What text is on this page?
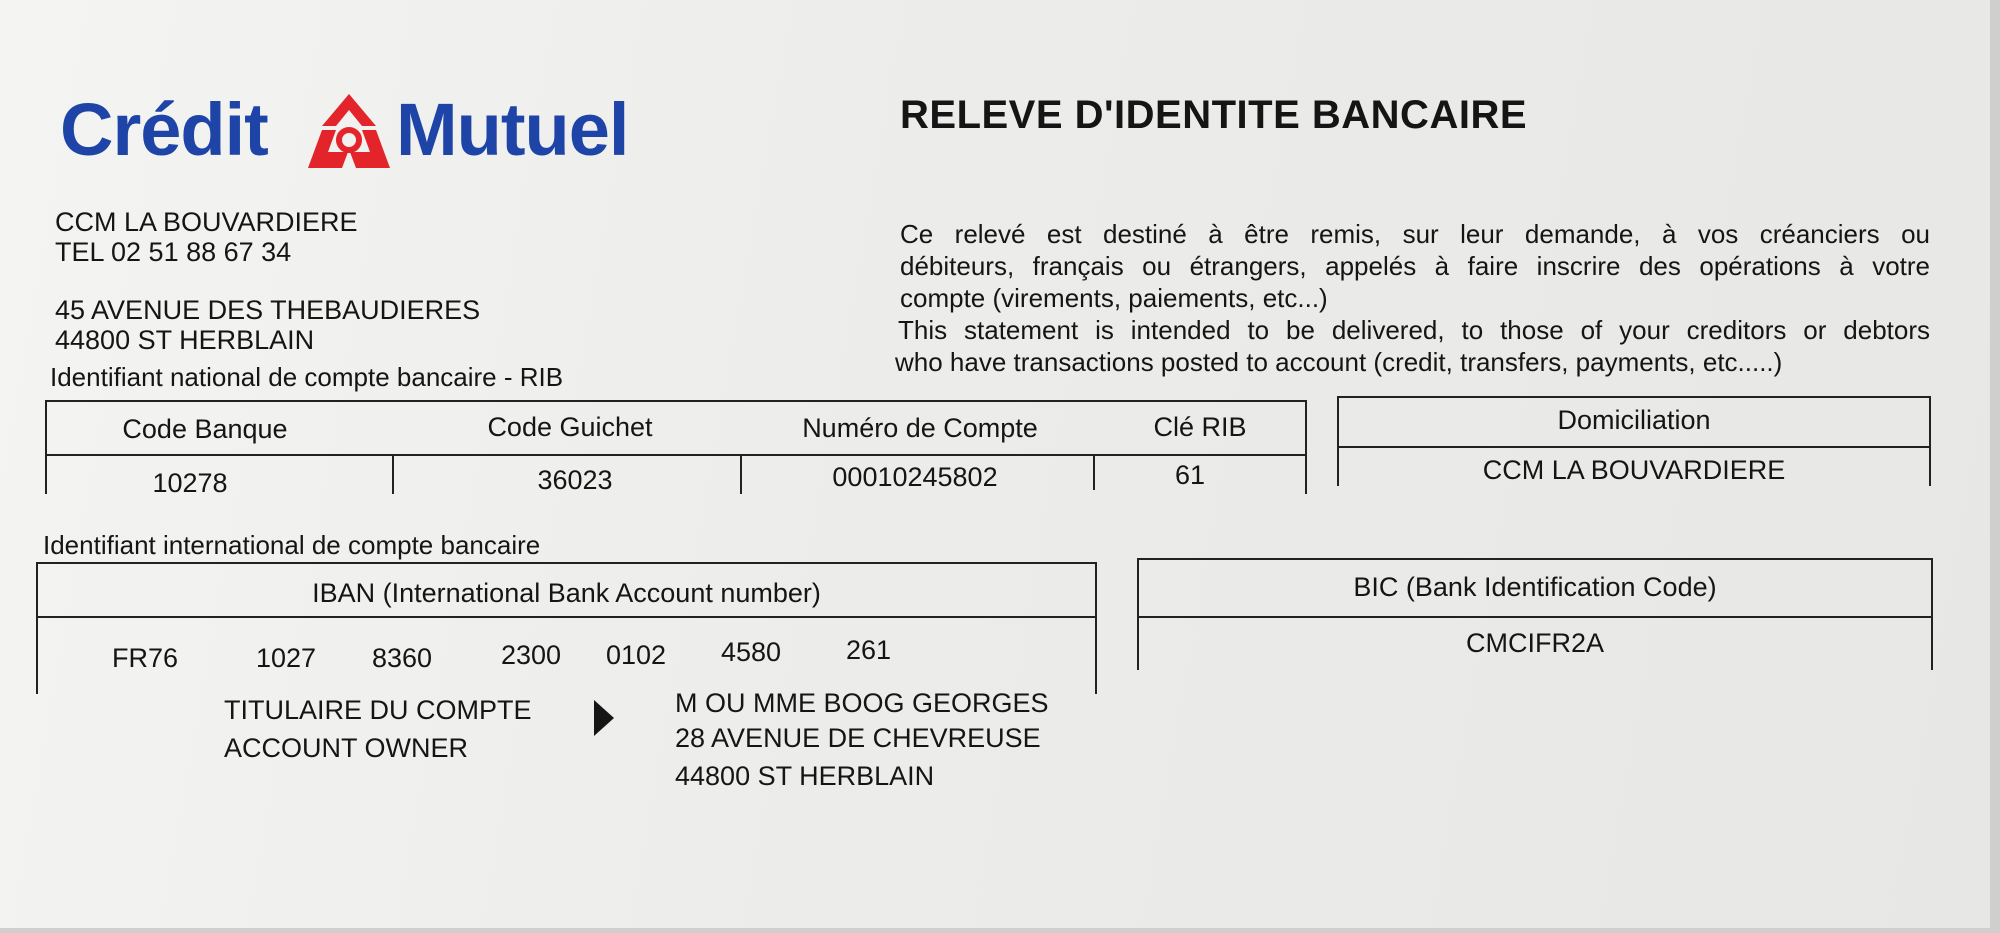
Crédit Mutuel	RELEVE D'IDENTITE BANCAIRE
CCM LA BOUVARDIERE
TEL 02 51 88 67 34
45 AVENUE DES THEBAUDIERES
44800 ST HERBLAIN
Ce relevé est destiné à être remis, sur leur demande, à vos créanciers ou
débiteurs, français ou étrangers, appelés à faire inscrire des opérations à votre
compte (virements, paiements, etc...)
This statement is intended to be delivered, to those of your creditors or debtors
who have transactions posted to account (credit, transfers, payments, etc.....)
Identifiant national de compte bancaire - RIB
Code Banque	Code Guichet	Numéro de Compte	Clé RIB
10278	36023	00010245802	61
Domiciliation
CCM LA BOUVARDIERE
Identifiant international de compte bancaire
IBAN (International Bank Account number)
FR76	1027 8360	2300 0102 4580 261
BIC (Bank Identification Code)
CMCIFR2A
TITULAIRE DU COMPTE
ACCOUNT OWNER
M OU MME BOOG GEORGES
28 AVENUE DE CHEVREUSE
44800 ST HERBLAIN
